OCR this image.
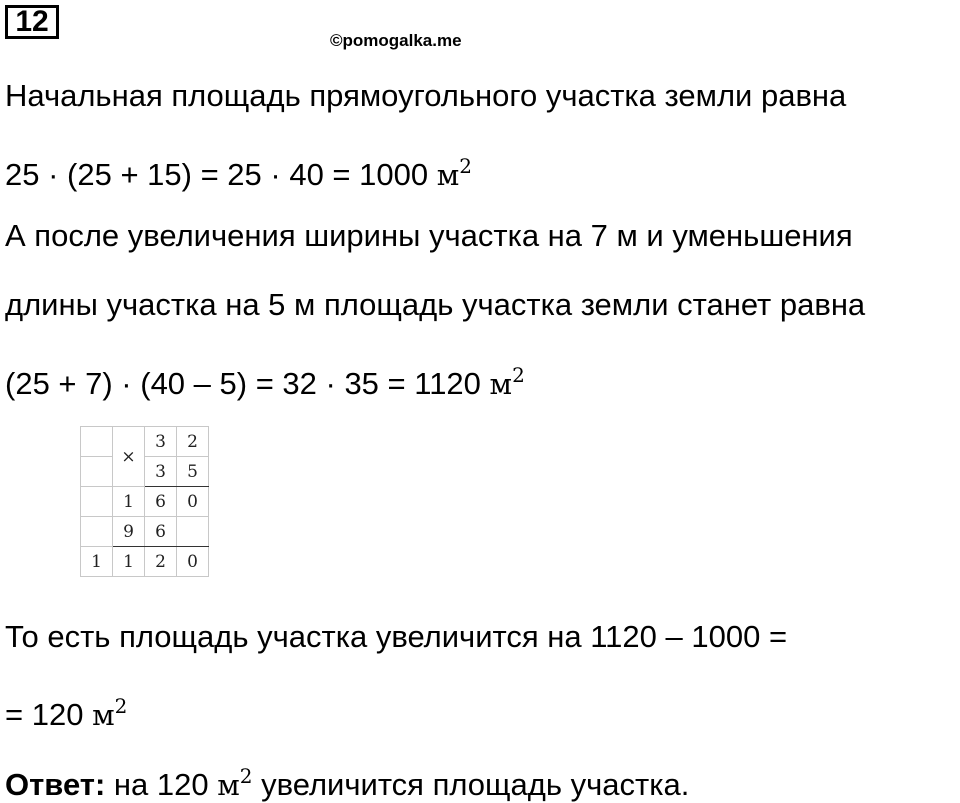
12
©pomogalka.me
Начальная площадь прямоугольного участка земли равна
25 · (25 + 15) = 25 · 40 = 1000 $м^2$
А после увеличения ширины участка на 7 м и уменьшения
длины участка на 5 м площадь участка земли станет равна
(25 + 7) · (40 – 5) = 32 · 35 = 1120 $м^2$
	×	3	2
		3	5
	1	6	0
	9	6	
1	1	2	0
То есть площадь участка увеличится на 1120 – 1000 =
= 120 $м^2$
Ответ: на 120 $м^2$ увеличится площадь участка.
